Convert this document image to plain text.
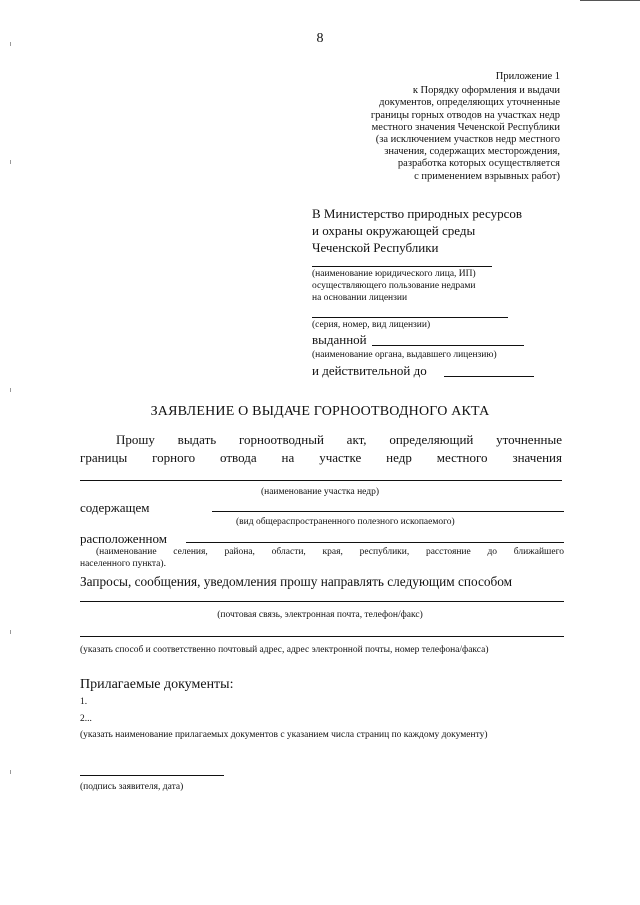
8
Приложение 1
к Порядку оформления и выдачи
документов, определяющих уточненные
границы горных отводов на участках недр
местного значения Чеченской Республики
(за исключением участков недр местного
значения, содержащих месторождения,
разработка которых осуществляется
с применением взрывных работ)
В Министерство природных ресурсов
и охраны окружающей среды
Чеченской Республики
(наименование юридического лица, ИП)
осуществляющего пользование недрами
на основании лицензии
(серия, номер, вид лицензии)
выданной
(наименование органа, выдавшего лицензию)
и действительной до
ЗАЯВЛЕНИЕ О ВЫДАЧЕ ГОРНООТВОДНОГО АКТА
Прошу выдать горноотводный акт, определяющий уточненные
границы горного отвода на участке недр местного значения
(наименование участка недр)
содержащем
(вид общераспространенного полезного ископаемого)
расположенном
(наименование селения, района, области, края, республики, расстояние до ближайшего
населенного пункта).
Запросы, сообщения, уведомления прошу направлять следующим способом
(почтовая связь, электронная почта, телефон/факс)
(указать способ и соответственно почтовый адрес, адрес электронной почты, номер телефона/факса)
Прилагаемые документы:
1.
2...
(указать наименование прилагаемых документов с указанием числа страниц по каждому документу)
(подпись заявителя, дата)
